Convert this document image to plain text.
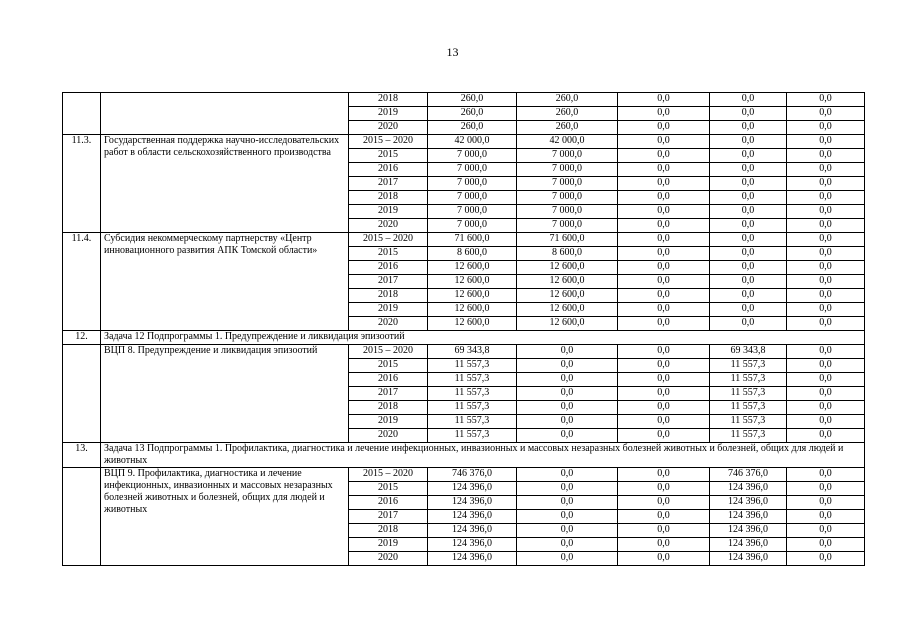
13
		2018	260,0	260,0	0,0	0,0	0,0
		2019	260,0	260,0	0,0	0,0	0,0
		2020	260,0	260,0	0,0	0,0	0,0
11.3.	Государственная поддержка научно-исследовательских работ в области сельскохозяйственного производства	2015 – 2020	42 000,0	42 000,0	0,0	0,0	0,0
		2015	7 000,0	7 000,0	0,0	0,0	0,0
		2016	7 000,0	7 000,0	0,0	0,0	0,0
		2017	7 000,0	7 000,0	0,0	0,0	0,0
		2018	7 000,0	7 000,0	0,0	0,0	0,0
		2019	7 000,0	7 000,0	0,0	0,0	0,0
		2020	7 000,0	7 000,0	0,0	0,0	0,0
11.4.	Субсидия некоммерческому партнерству «Центр инновационного развития АПК Томской области»	2015 – 2020	71 600,0	71 600,0	0,0	0,0	0,0
		2015	8 600,0	8 600,0	0,0	0,0	0,0
		2016	12 600,0	12 600,0	0,0	0,0	0,0
		2017	12 600,0	12 600,0	0,0	0,0	0,0
		2018	12 600,0	12 600,0	0,0	0,0	0,0
		2019	12 600,0	12 600,0	0,0	0,0	0,0
		2020	12 600,0	12 600,0	0,0	0,0	0,0
12.	Задача 12 Подпрограммы 1. Предупреждение и ликвидация эпизоотий						
	ВЦП 8. Предупреждение и ликвидация эпизоотий	2015 – 2020	69 343,8	0,0	0,0	69 343,8	0,0
		2015	11 557,3	0,0	0,0	11 557,3	0,0
		2016	11 557,3	0,0	0,0	11 557,3	0,0
		2017	11 557,3	0,0	0,0	11 557,3	0,0
		2018	11 557,3	0,0	0,0	11 557,3	0,0
		2019	11 557,3	0,0	0,0	11 557,3	0,0
		2020	11 557,3	0,0	0,0	11 557,3	0,0
13.	Задача 13 Подпрограммы 1. Профилактика, диагностика и лечение инфекционных, инвазионных и массовых незаразных болезней животных и болезней, общих для людей и животных						
	ВЦП 9. Профилактика, диагностика и лечение инфекционных, инвазионных и массовых незаразных болезней животных и болезней, общих для людей и животных	2015 – 2020	746 376,0	0,0	0,0	746 376,0	0,0
		2015	124 396,0	0,0	0,0	124 396,0	0,0
		2016	124 396,0	0,0	0,0	124 396,0	0,0
		2017	124 396,0	0,0	0,0	124 396,0	0,0
		2018	124 396,0	0,0	0,0	124 396,0	0,0
		2019	124 396,0	0,0	0,0	124 396,0	0,0
		2020	124 396,0	0,0	0,0	124 396,0	0,0
